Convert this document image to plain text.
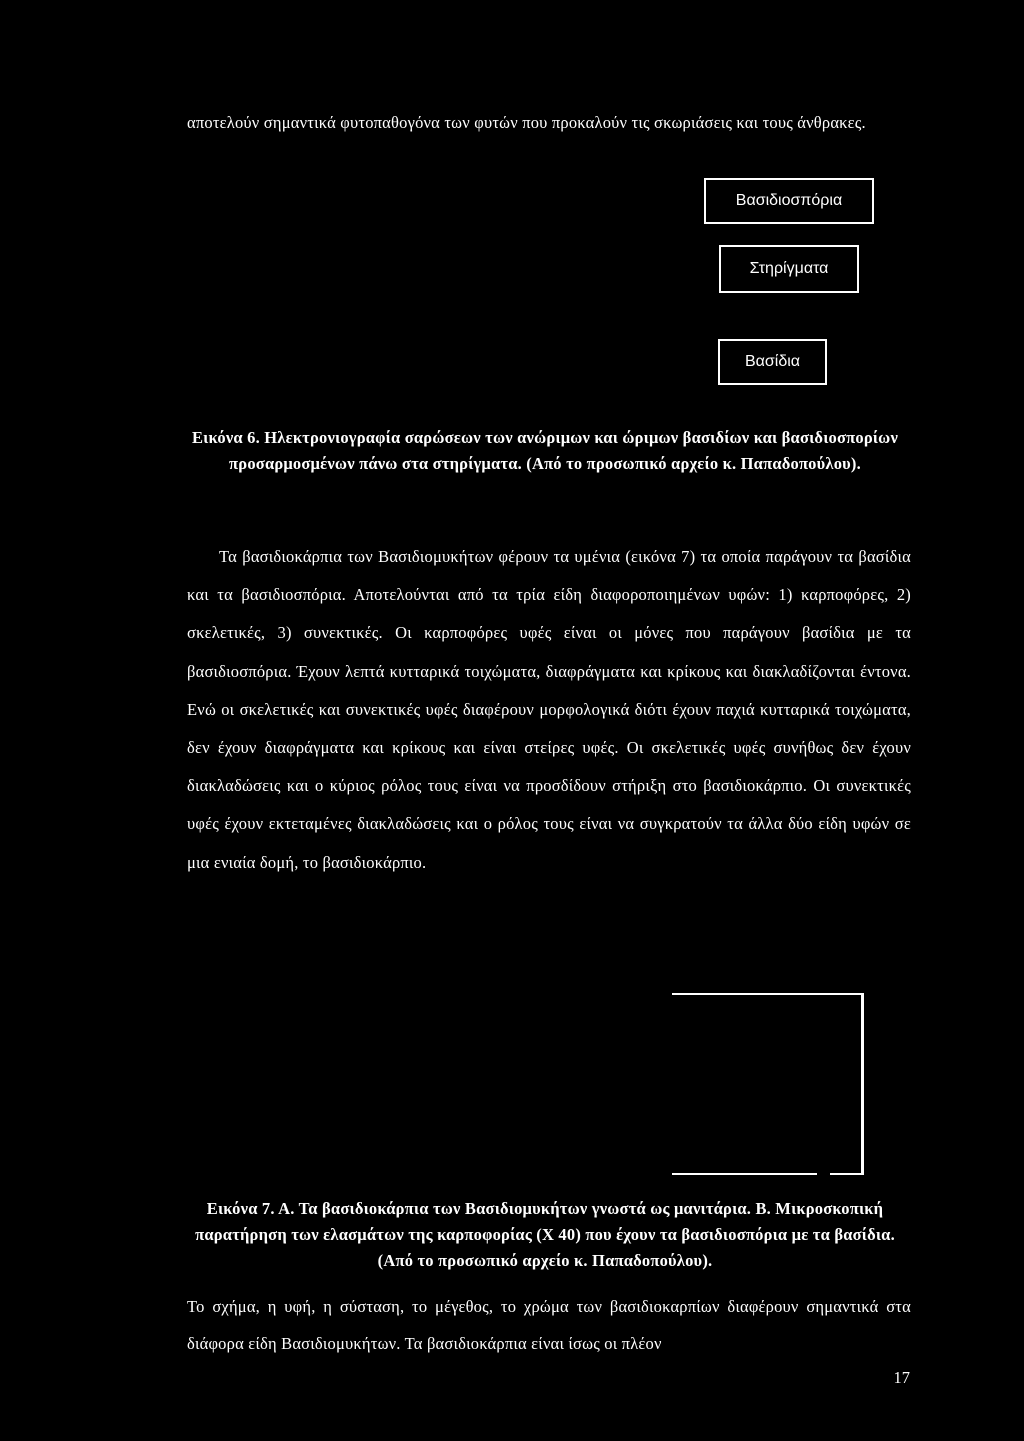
αποτελούν σημαντικά φυτοπαθογόνα των φυτών που προκαλούν τις σκωριάσεις και τους άνθρακες.

Βασιδιοσπόρια
Στηρίγματα
Βασίδια

Εικόνα 6. Ηλεκτρονιογραφία σαρώσεων των ανώριμων και ώριμων βασιδίων και βασιδιοσπορίων προσαρμοσμένων πάνω στα στηρίγματα. (Από το προσωπικό αρχείο κ. Παπαδοπούλου).

Τα βασιδιοκάρπια των Βασιδιομυκήτων φέρουν τα υμένια (εικόνα 7) τα οποία παράγουν τα βασίδια και τα βασιδιοσπόρια. Αποτελούνται από τα τρία είδη διαφοροποιημένων υφών: 1) καρποφόρες, 2) σκελετικές, 3) συνεκτικές. Οι καρποφόρες υφές είναι οι μόνες που παράγουν βασίδια με τα βασιδιοσπόρια. Έχουν λεπτά κυτταρικά τοιχώματα, διαφράγματα και κρίκους και διακλαδίζονται έντονα. Ενώ οι σκελετικές και συνεκτικές υφές διαφέρουν μορφολογικά διότι έχουν παχιά κυτταρικά τοιχώματα, δεν έχουν διαφράγματα και κρίκους και είναι στείρες υφές. Οι σκελετικές υφές συνήθως δεν έχουν διακλαδώσεις και ο κύριος ρόλος τους είναι να προσδίδουν στήριξη στο βασιδιοκάρπιο. Οι συνεκτικές υφές έχουν εκτεταμένες διακλαδώσεις και ο ρόλος τους είναι να συγκρατούν τα άλλα δύο είδη υφών σε μια ενιαία δομή, το βασιδιοκάρπιο.

Εικόνα 7. Α. Τα βασιδιοκάρπια των Βασιδιομυκήτων γνωστά ως μανιτάρια. Β. Μικροσκοπική παρατήρηση των ελασμάτων της καρποφορίας (Χ 40) που έχουν τα βασιδιοσπόρια με τα βασίδια. (Από το προσωπικό αρχείο κ. Παπαδοπούλου).

Το σχήμα, η υφή, η σύσταση, το μέγεθος, το χρώμα των βασιδιοκαρπίων διαφέρουν σημαντικά στα διάφορα είδη Βασιδιομυκήτων. Τα βασιδιοκάρπια είναι ίσως οι πλέον

17
